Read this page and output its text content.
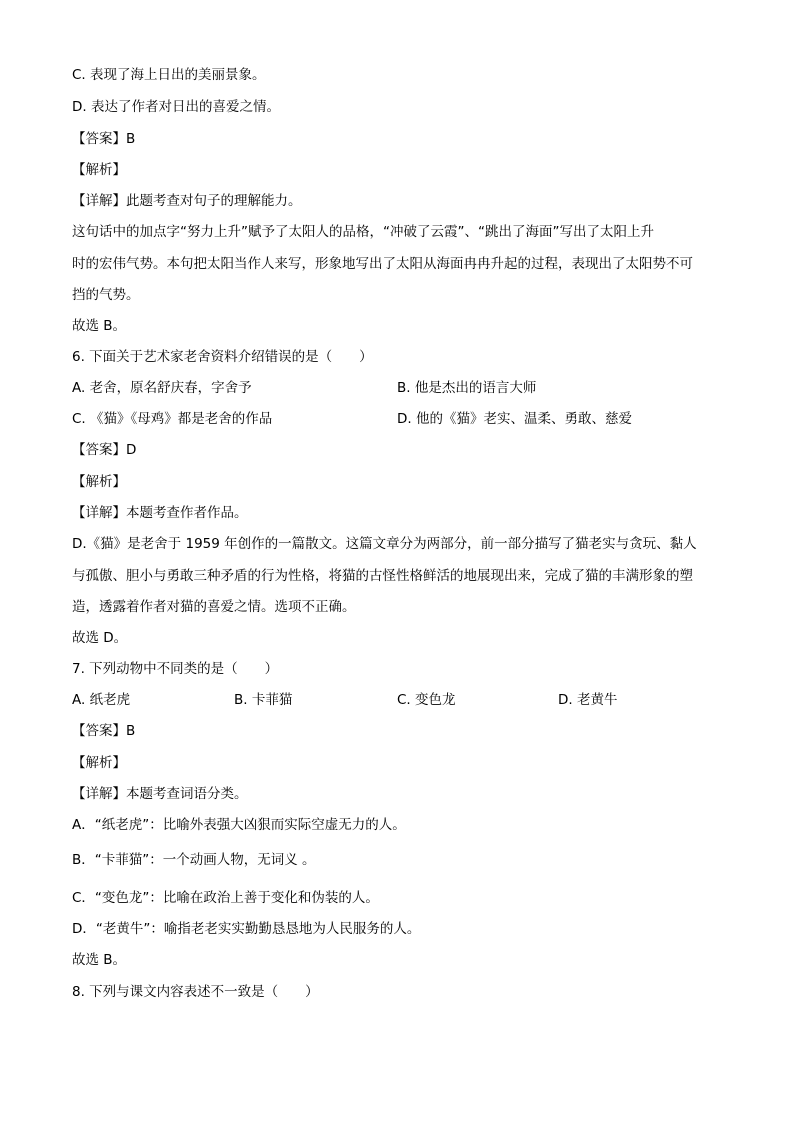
C. 表现了海上日出的美丽景象。
D. 表达了作者对日出的喜爱之情。
【答案】B
【解析】
【详解】此题考查对句子的理解能力。
这句话中的加点字“努力上升”赋予了太阳人的品格，“冲破了云霞”、“跳出了海面”写出了太阳上升
时的宏伟气势。本句把太阳当作人来写，形象地写出了太阳从海面冉冉升起的过程，表现出了太阳势不可
挡的气势。
故选 B。
6. 下面关于艺术家老舍资料介绍错误的是（　　）
A. 老舍，原名舒庆春，字舍予	B. 他是杰出的语言大师
C. 《猫》《母鸡》都是老舍的作品	D. 他的《猫》老实、温柔、勇敢、慈爱
【答案】D
【解析】
【详解】本题考查作者作品。
D.《猫》是老舍于 1959 年创作的一篇散文。这篇文章分为两部分，前一部分描写了猫老实与贪玩、黏人
与孤傲、胆小与勇敢三种矛盾的行为性格，将猫的古怪性格鲜活的地展现出来，完成了猫的丰满形象的塑
造，透露着作者对猫的喜爱之情。选项不正确。
故选 D。
7. 下列动物中不同类的是（　　）
A. 纸老虎	B. 卡菲猫	C. 变色龙	D. 老黄牛
【答案】B
【解析】
【详解】本题考查词语分类。
A．“纸老虎”：比喻外表强大凶狠而实际空虚无力的人。
B．“卡菲猫”：一个动画人物，无词义 。
C．“变色龙”：比喻在政治上善于变化和伪装的人。
D．“老黄牛”：喻指老老实实勤勤恳恳地为人民服务的人。
故选 B。
8. 下列与课文内容表述不一致是（　　）
